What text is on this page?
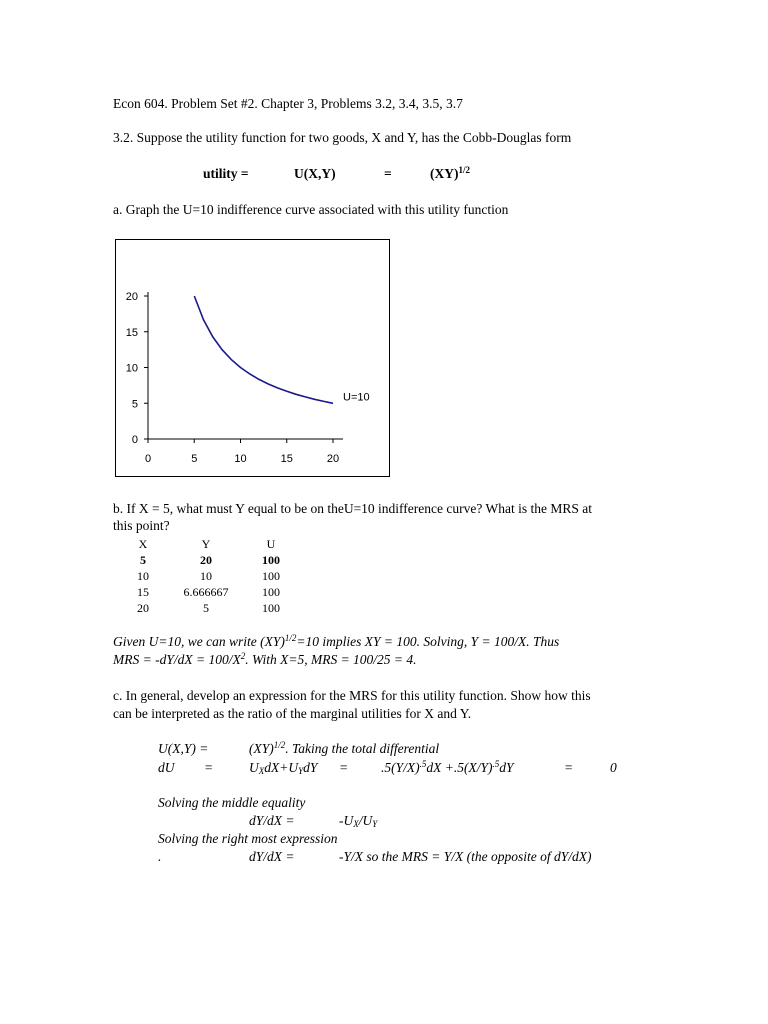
Econ 604. Problem Set #2. Chapter 3, Problems 3.2, 3.4, 3.5, 3.7
3.2. Suppose the utility function for two goods, X and Y, has the Cobb-Douglas form
utility =	U(X,Y)	=	(XY)$^{1/2}$
a. Graph the U=10 indifference curve associated with this utility function
0
5
10
15
20
0	5	10	15	20
U=10
b. If X = 5, what must Y equal to be on theU=10 indifference curve? What is the MRS at
this point?
X	Y	U
5	20	100
10	10	100
15	6.666667	100
20	5	100
Given U=10, we can write (XY)$^{1/2}$=10 implies XY = 100. Solving, Y = 100/X. Thus
MRS = $-dY/dX = 100/X^2$. With X=5, MRS = 100/25 = 4.
c. In general, develop an expression for the MRS for this utility function. Show how this
can be interpreted as the ratio of the marginal utilities for X and Y.
U(X,Y) =	(XY)$^{1/2}$. Taking the total differential
dU =	$U_XdX+U_YdY = .5(Y/X)^{.5}dX +.5(X/Y)^{.5}dY$	=	0
Solving the middle equality
dY/dX =	$-U_X/U_Y$
Solving the right most expression
.	dY/dX =	-Y/X so the MRS = Y/X (the opposite of dY/dX)
